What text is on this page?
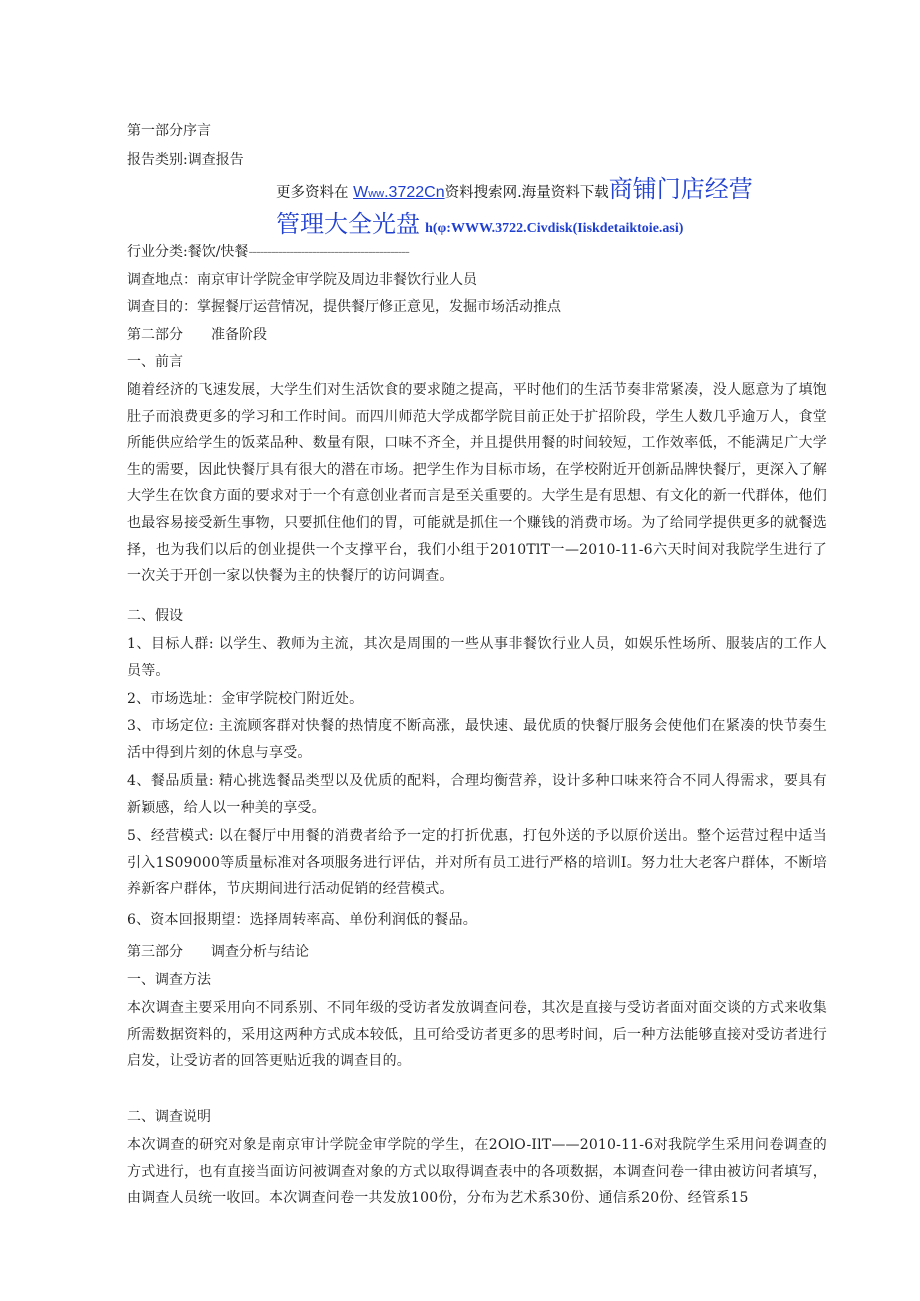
第一部分序言
报告类别:调查报告
更多资料在 Www.3722Cn资料搜索网.海量资料下载商铺门店经营
管理大全光盘 h(φ:WWW.3722.Civdisk(Iiskdetaiktoie.asi)
行业分类:餐饮/快餐-------------------------------------------
调查地点：南京审计学院金审学院及周边非餐饮行业人员
调查目的：掌握餐厅运营情况，提供餐厅修正意见，发掘市场活动推点
第二部分 准备阶段
一、前言
随着经济的飞速发展，大学生们对生活饮食的要求随之提高，平时他们的生活节奏非常紧凑，没人愿意为了填饱肚子而浪费更多的学习和工作时间。而四川师范大学成都学院目前正处于扩招阶段，学生人数几乎逾万人，食堂所能供应给学生的饭菜品种、数量有限，口味不齐全，并且提供用餐的时间较短，工作效率低，不能满足广大学生的需要，因此快餐厅具有很大的潜在市场。把学生作为目标市场，在学校附近开创新品牌快餐厅，更深入了解大学生在饮食方面的要求对于一个有意创业者而言是至关重要的。大学生是有思想、有文化的新一代群体，他们也最容易接受新生事物，只要抓住他们的胃，可能就是抓住一个赚钱的消费市场。为了给同学提供更多的就餐选择，也为我们以后的创业提供一个支撑平台，我们小组于2010TlT一—2010-11-6六天时间对我院学生进行了一次关于开创一家以快餐为主的快餐厅的访问调查。
二、假设
1、目标人群: 以学生、教师为主流，其次是周围的一些从事非餐饮行业人员，如娱乐性场所、服装店的工作人员等。
2、市场选址：金审学院校门附近处。
3、市场定位: 主流顾客群对快餐的热情度不断高涨，最快速、最优质的快餐厅服务会使他们在紧凑的快节奏生活中得到片刻的休息与享受。
4、餐品质量: 精心挑选餐品类型以及优质的配料，合理均衡营养，设计多种口味来符合不同人得需求，要具有新颖感，给人以一种美的享受。
5、经营模式: 以在餐厅中用餐的消费者给予一定的打折优惠，打包外送的予以原价送出。整个运营过程中适当引入1S09000等质量标准对各项服务进行评估，并对所有员工进行严格的培训I。努力壮大老客户群体，不断培养新客户群体，节庆期间进行活动促销的经营模式。
6、资本回报期望：选择周转率高、单份利润低的餐品。
第三部分 调查分析与结论
一、调查方法
本次调查主要采用向不同系别、不同年级的受访者发放调查问卷，其次是直接与受访者面对面交谈的方式来收集所需数据资料的，采用这两种方式成本较低，且可给受访者更多的思考时间，后一种方法能够直接对受访者进行启发，让受访者的回答更贴近我的调查目的。
二、调查说明
本次调查的研究对象是南京审计学院金审学院的学生，在2OlO-IlT——2010-11-6对我院学生采用问卷调查的方式进行，也有直接当面访问被调查对象的方式以取得调查表中的各项数据，本调查问卷一律由被访问者填写，由调查人员统一收回。本次调查问卷一共发放100份，分布为艺术系30份、通信系20份、经管系15
